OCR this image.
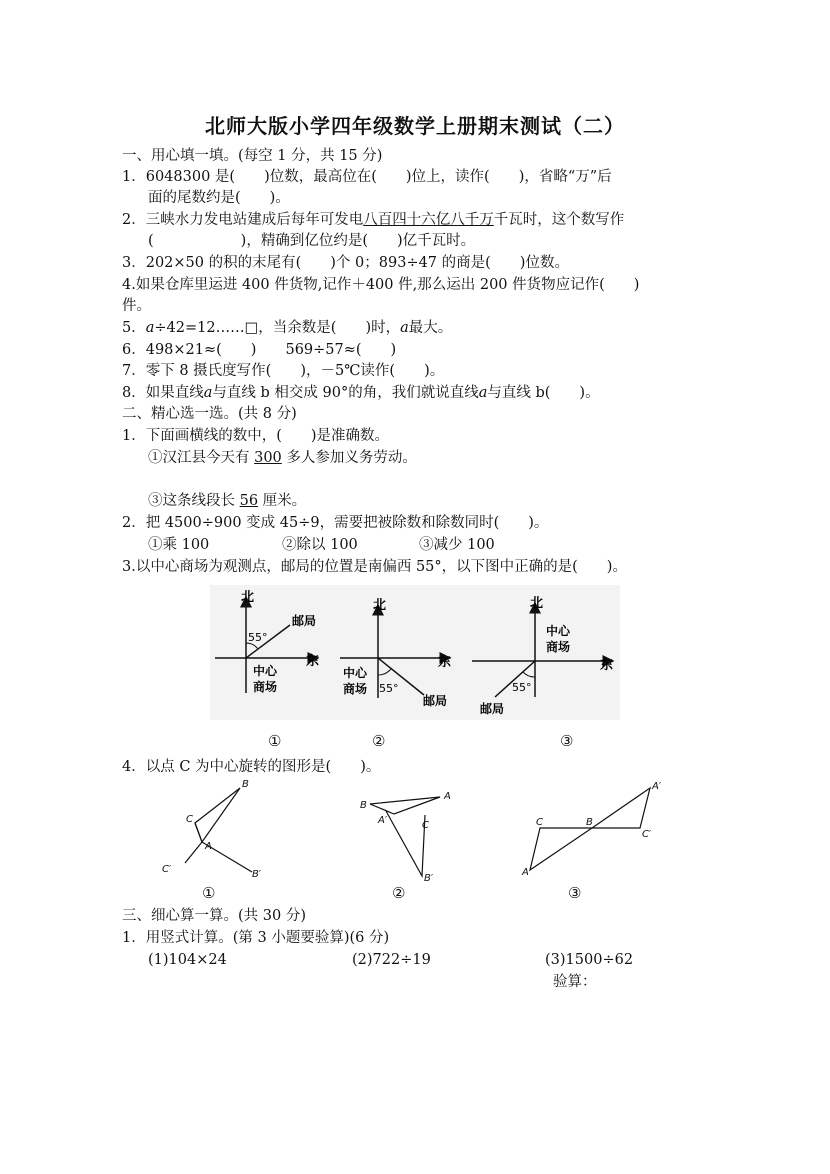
北师大版小学四年级数学上册期末测试（二）
一、用心填一填。(每空 1 分，共 15 分)
1．6048300 是(　　)位数，最高位在(　　)位上，读作(　　)，省略“万”后
面的尾数约是(　　)。
2．三峡水力发电站建成后每年可发电八百四十六亿八千万千瓦时，这个数写作
(　　　　　　)，精确到亿位约是(　　)亿千瓦时。
3．202×50 的积的末尾有(　　)个 0；893÷47 的商是(　　)位数。
4.如果仓库里运进 400 件货物,记作＋400 件,那么运出 200 件货物应记作(　　)
件。
5．a÷42=12……□，当余数是(　　)时，a最大。
6．498×21≈(　　)　　569÷57≈(　　)
7．零下 8 摄氏度写作(　　)，－5℃读作(　　)。
8．如果直线a与直线 b 相交成 90°的角，我们就说直线a与直线 b(　　)。
二、精心选一选。(共 8 分)
1．下面画横线的数中，(　　)是准确数。
①汉江县今天有 300 多人参加义务劳动。
③这条线段长 56 厘米。
2．把 4500÷900 变成 45÷9，需要把被除数和除数同时(　　)。
①乘 100	②除以 100	③减少 100
3.以中心商场为观测点，邮局的位置是南偏西 55°，以下图中正确的是(　　)。
北
东
邮局
55°
中心
商场
北
东
邮局
55°
中心
商场
北
东
邮局
55°
中心
商场
①	②	③
4．以点 C 为中心旋转的图形是(　　)。
B
C
A
C′	B′
B
A
A′	C
B′
C	B
A′
C′
A
①	②	③
三、细心算一算。(共 30 分)
1．用竖式计算。(第 3 小题要验算)(6 分)
(1)104×24	(2)722÷19	(3)1500÷62
验算：
